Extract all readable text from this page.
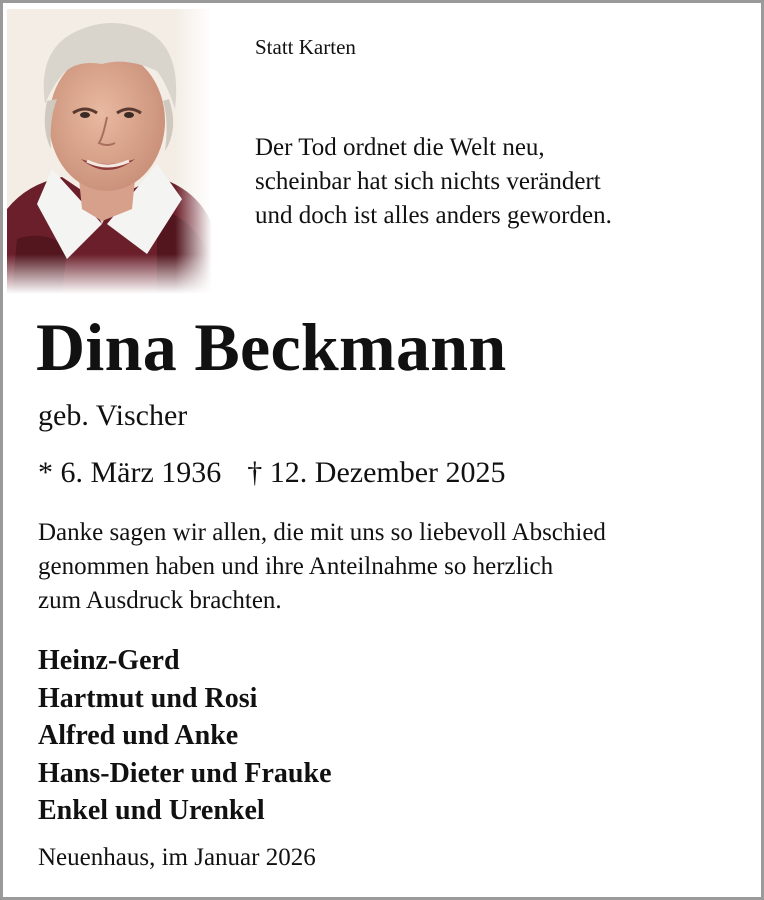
Statt Karten
Der Tod ordnet die Welt neu,
scheinbar hat sich nichts verändert
und doch ist alles anders geworden.
Dina Beckmann
geb. Vischer
* 6. März 1936 † 12. Dezember 2025
Danke sagen wir allen, die mit uns so liebevoll Abschied
genommen haben und ihre Anteilnahme so herzlich
zum Ausdruck brachten.
Heinz-Gerd
Hartmut und Rosi
Alfred und Anke
Hans-Dieter und Frauke
Enkel und Urenkel
Neuenhaus, im Januar 2026
